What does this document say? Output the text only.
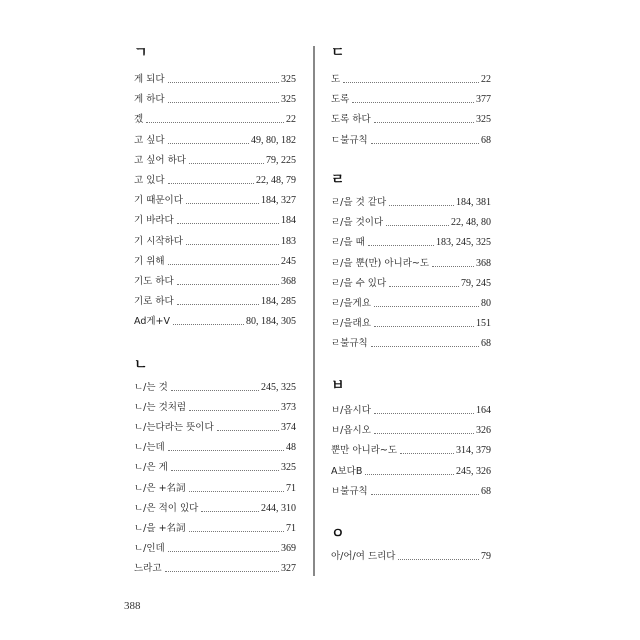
ㄱ
게 되다	325
게 하다	325
겠	22
고 싶다	49, 80, 182
고 싶어 하다	79, 225
고 있다	22, 48, 79
기 때문이다	184, 327
기 바라다	184
기 시작하다	183
기 위해	245
기도 하다	368
기로 하다	184, 285
Ad게+V	80, 184, 305
ㄴ
ㄴ/는 것	245, 325
ㄴ/는 것처럼	373
ㄴ/는다라는 뜻이다	374
ㄴ/는데	48
ㄴ/은 게	325
ㄴ/은 +名詞	71
ㄴ/은 적이 있다	244, 310
ㄴ/을 +名詞	71
ㄴ/인데	369
느라고	327
ㄷ
도	22
도록	377
도록 하다	325
ㄷ불규칙	68
ㄹ
ㄹ/을 것 같다	184, 381
ㄹ/을 것이다	22, 48, 80
ㄹ/을 때	183, 245, 325
ㄹ/을 뿐(만) 아니라~도	368
ㄹ/을 수 있다	79, 245
ㄹ/을게요	80
ㄹ/을래요	151
ㄹ불규칙	68
ㅂ
ㅂ/읍시다	164
ㅂ/읍시오	326
뿐만 아니라~도	314, 379
A보다B	245, 326
ㅂ불규칙	68
ㅇ
아/어/여 드리다	79
388
